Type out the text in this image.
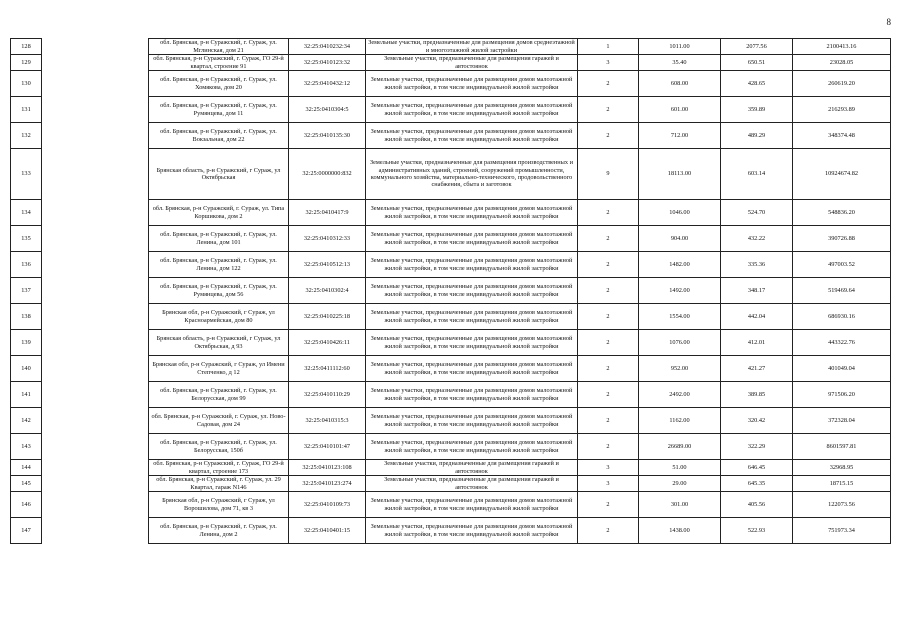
8
128		обл. Брянская, р-н Суражский, г. Сураж, ул. Мглинская, дом 21	32:25:0410232:34	Земельные участки, предназначенные для размещения домов среднеэтажной и многоэтажной жилой застройки	1	1011.00	2077.56	2100413.16
129		обл. Брянская, р-н Суражский, г. Сураж, ГО 29-й квартал, строение 91	32:25:0410123:32	Земельные участки, предназначенные для размещения гаражей и автостоянок	3	35.40	650.51	23028.05
130		обл. Брянская, р-н Суражский, г. Сураж, ул. Хомякова, дом 20	32:25:0410432:12	Земельные участки, предназначенные для размещения домов малоэтажной жилой застройки, в том числе индивидуальной жилой застройки	2	608.00	428.65	260619.20
131		обл. Брянская, р-н Суражский, г. Сураж, ул. Румянцева, дом 11	32:25:0410304:5	Земельные участки, предназначенные для размещения домов малоэтажной жилой застройки, в том числе индивидуальной жилой застройки	2	601.00	359.89	216293.89
132		обл. Брянская, р-н Суражский, г. Сураж, ул. Вокзальная, дом 22	32:25:0410135:30	Земельные участки, предназначенные для размещения домов малоэтажной жилой застройки, в том числе индивидуальной жилой застройки	2	712.00	489.29	348374.48
133		Брянская область, р-н Суражский, г Сураж, ул Октябрьская	32:25:0000000:832	Земельные участки, предназначенные для размещения производственных и административных зданий, строений, сооружений промышленности, коммунального хозяйства, материально-технического, продовольственного снабжения, сбыта и заготовок	9	18113.00	603.14	10924674.82
134		обл. Брянская, р-н Суражский, г. Сураж, ул. Типа Коршикова, дом 2	32:25:0410417:9	Земельные участки, предназначенные для размещения домов малоэтажной жилой застройки, в том числе индивидуальной жилой застройки	2	1046.00	524.70	548836.20
135		обл. Брянская, р-н Суражский, г. Сураж, ул. Ленина, дом 101	32:25:0410312:33	Земельные участки, предназначенные для размещения домов малоэтажной жилой застройки, в том числе индивидуальной жилой застройки	2	904.00	432.22	390726.88
136		обл. Брянская, р-н Суражский, г. Сураж, ул. Ленина, дом 122	32:25:0410512:13	Земельные участки, предназначенные для размещения домов малоэтажной жилой застройки, в том числе индивидуальной жилой застройки	2	1482.00	335.36	497003.52
137		обл. Брянская, р-н Суражский, г. Сураж, ул. Румянцева, дом 56	32:25:0410302:4	Земельные участки, предназначенные для размещения домов малоэтажной жилой застройки, в том числе индивидуальной жилой застройки	2	1492.00	348.17	519469.64
138		Брянская обл, р-н Суражский, г Сураж, ул Красноармейская, дом 80	32:25:0410225:18	Земельные участки, предназначенные для размещения домов малоэтажной жилой застройки, в том числе индивидуальной жилой застройки	2	1554.00	442.04	686930.16
139		Брянская область, р-н Суражский, г Сураж, ул Октябрьская, д 93	32:25:0410426:11	Земельные участки, предназначенные для размещения домов малоэтажной жилой застройки, в том числе индивидуальной жилой застройки	2	1076.00	412.01	443322.76
140		Брянская обл, р-н Суражский, г Сураж, ул Имени Степченко, д 12	32:25:0411112:60	Земельные участки, предназначенные для размещения домов малоэтажной жилой застройки, в том числе индивидуальной жилой застройки	2	952.00	421.27	401049.04
141		обл. Брянская, р-н Суражский, г. Сураж, ул. Белорусская, дом 99	32:25:0410110:29	Земельные участки, предназначенные для размещения домов малоэтажной жилой застройки, в том числе индивидуальной жилой застройки	2	2492.00	389.85	971506.20
142		обл. Брянская, р-н Суражский, г. Сураж, ул. Ново-Садовая, дом 24	32:25:0410315:3	Земельные участки, предназначенные для размещения домов малоэтажной жилой застройки, в том числе индивидуальной жилой застройки	2	1162.00	320.42	372328.04
143		обл. Брянская, р-н Суражский, г. Сураж, ул. Белорусская, 150б	32:25:0410101:47	Земельные участки, предназначенные для размещения домов малоэтажной жилой застройки, в том числе индивидуальной жилой застройки	2	26689.00	322.29	8601597.81
144		обл. Брянская, р-н Суражский, г. Сураж, ГО 29-й квартал, строение 173	32:25:0410123:108	Земельные участки, предназначенные для размещения гаражей и автостоянок	3	51.00	646.45	32968.95
145		обл. Брянская, р-н Суражский, г. Сураж, ул. 29 Квартал, гараж N146	32:25:0410123:274	Земельные участки, предназначенные для размещения гаражей и автостоянок	3	29.00	645.35	18715.15
146		Брянская обл, р-н Суражский, г Сураж, ул Ворошилова, дом 71, кв 3	32:25:0410109:73	Земельные участки, предназначенные для размещения домов малоэтажной жилой застройки, в том числе индивидуальной жилой застройки	2	301.00	405.56	122073.56
147		обл. Брянская, р-н Суражский, г. Сураж, ул. Ленина, дом 2	32:25:0410401:15	Земельные участки, предназначенные для размещения домов малоэтажной жилой застройки, в том числе индивидуальной жилой застройки	2	1438.00	522.93	751973.34
